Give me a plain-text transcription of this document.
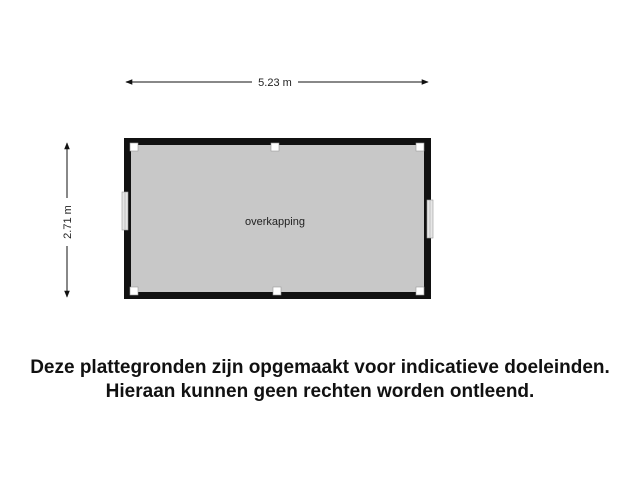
5.23 m
2.71 m	overkapping
Deze plattegronden zijn opgemaakt voor indicatieve doeleinden.
Hieraan kunnen geen rechten worden ontleend.
